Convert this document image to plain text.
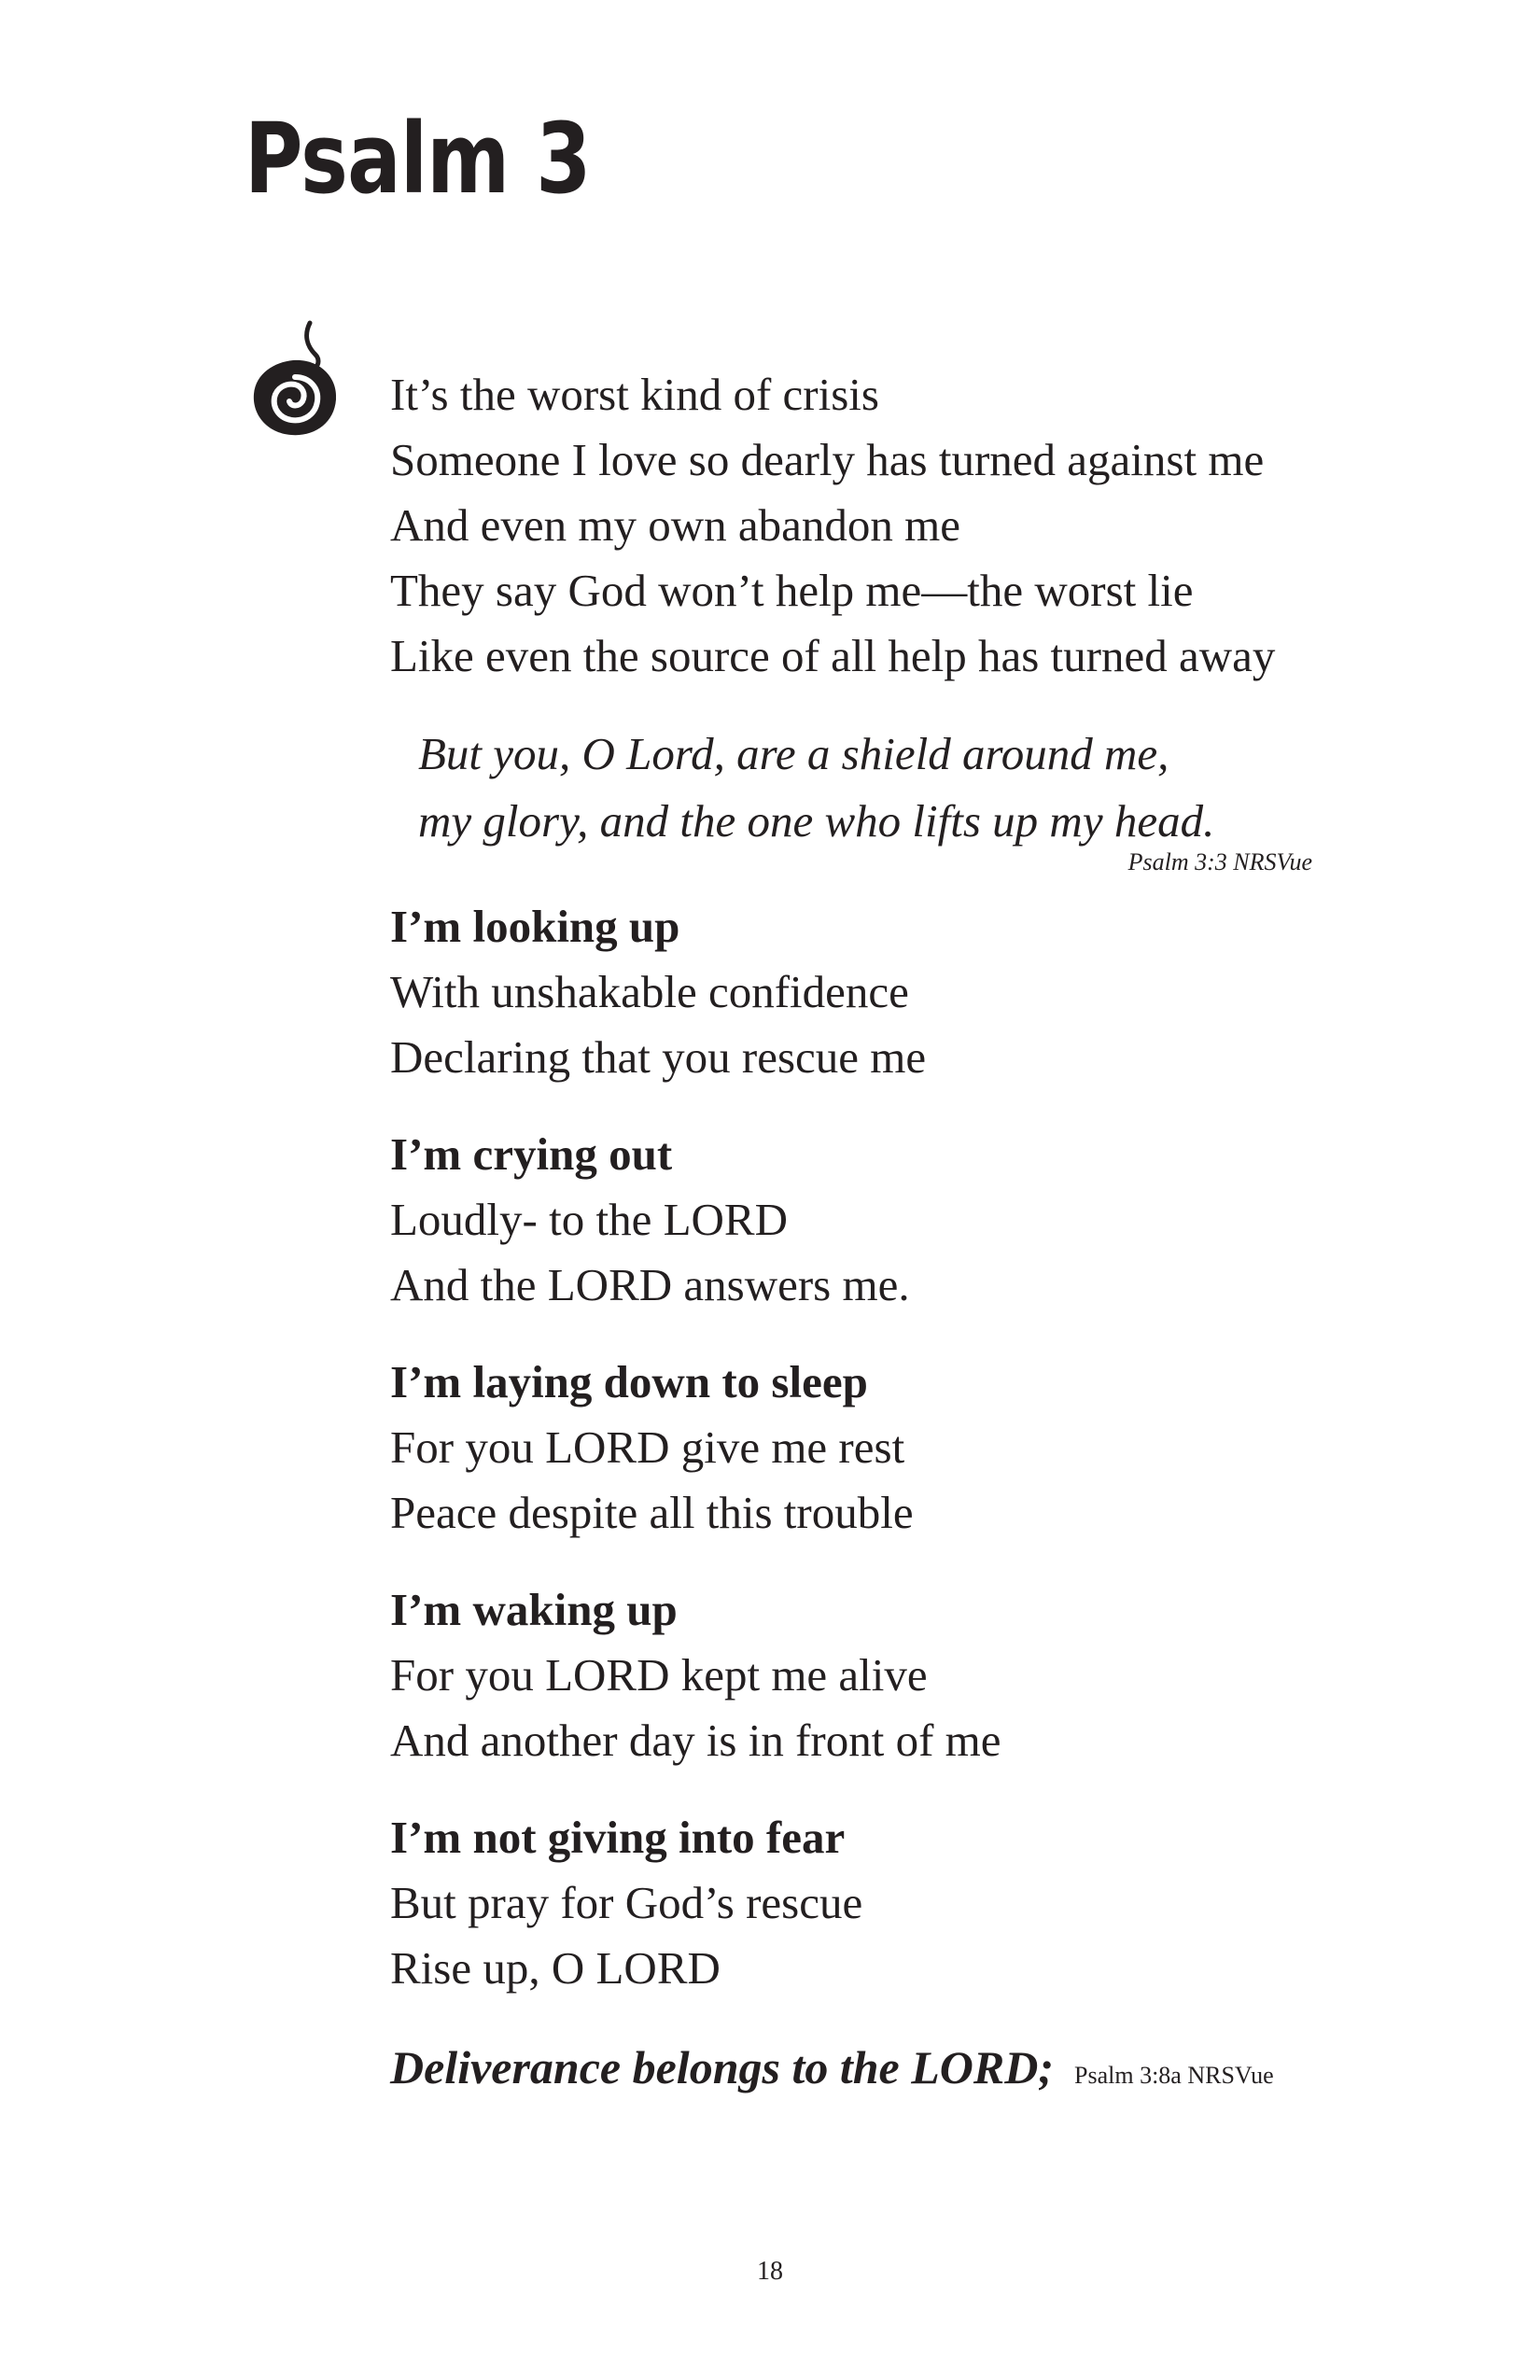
Psalm 3
It’s the worst kind of crisis
Someone I love so dearly has turned against me
And even my own abandon me
They say God won’t help me—the worst lie
Like even the source of all help has turned away
But you, O Lord, are a shield around me,
my glory, and the one who lifts up my head.
Psalm 3:3 NRSVue
I’m looking up
With unshakable confidence
Declaring that you rescue me
I’m crying out
Loudly- to the LORD
And the LORD answers me.
I’m laying down to sleep
For you LORD give me rest
Peace despite all this trouble
I’m waking up
For you LORD kept me alive
And another day is in front of me
I’m not giving into fear
But pray for God’s rescue
Rise up, O LORD
Deliverance belongs to the LORD; Psalm 3:8a NRSVue
18
